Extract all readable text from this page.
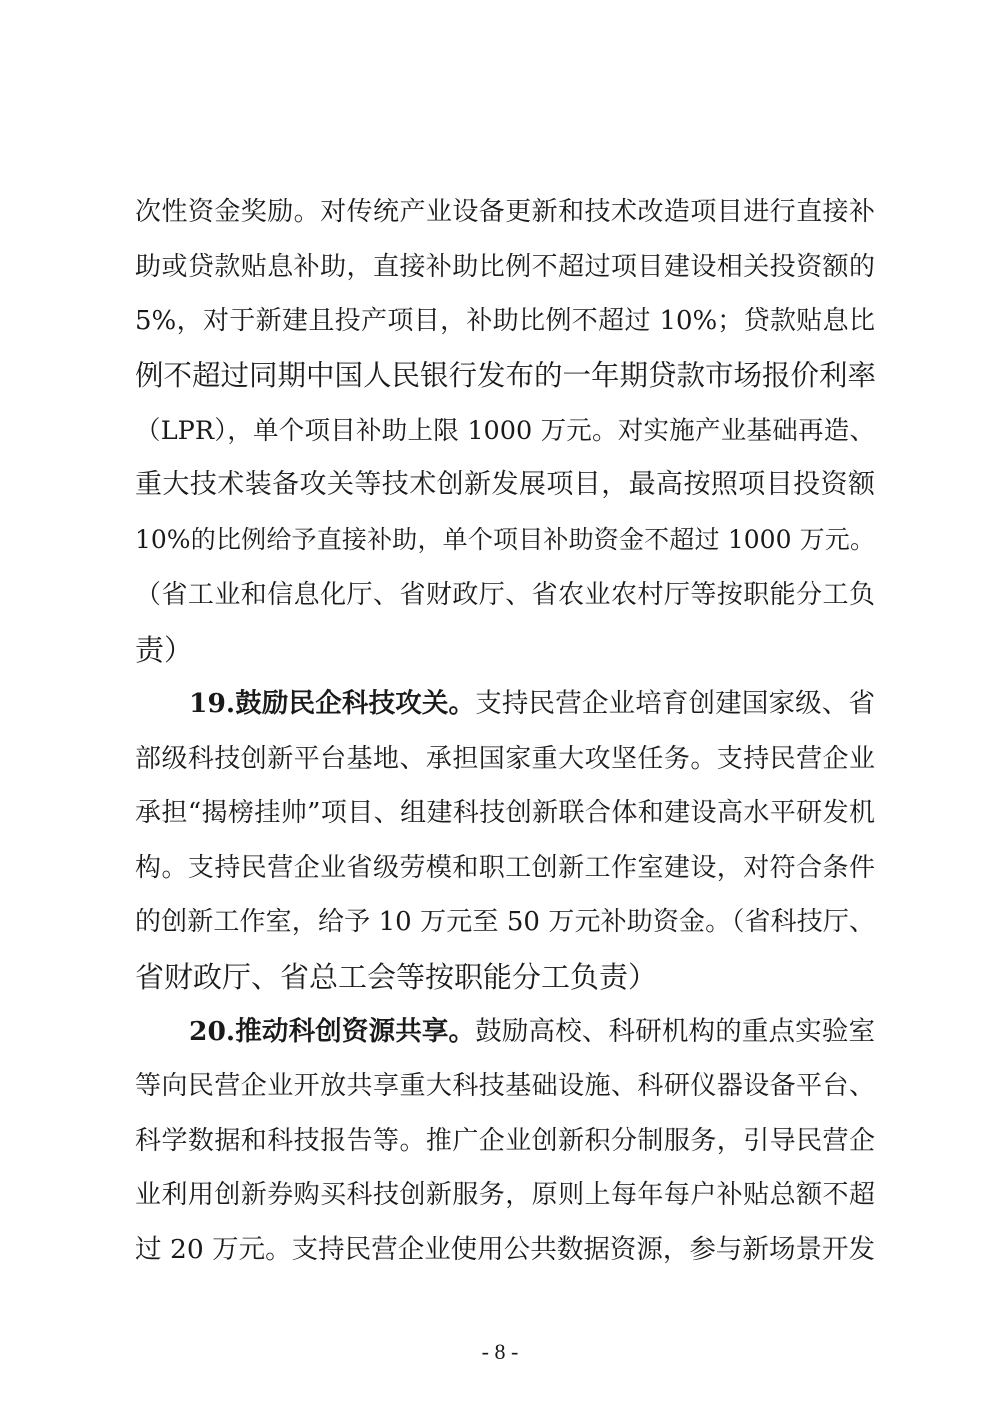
次性资金奖励。对传统产业设备更新和技术改造项目进行直接补
助或贷款贴息补助，直接补助比例不超过项目建设相关投资额的
5%，对于新建且投产项目，补助比例不超过 10%；贷款贴息比
例不超过同期中国人民银行发布的一年期贷款市场报价利率
（LPR），单个项目补助上限 1000 万元。对实施产业基础再造、
重大技术装备攻关等技术创新发展项目，最高按照项目投资额
10%的比例给予直接补助，单个项目补助资金不超过 1000 万元。
（省工业和信息化厅、省财政厅、省农业农村厅等按职能分工负
责）
19.鼓励民企科技攻关。支持民营企业培育创建国家级、省
部级科技创新平台基地、承担国家重大攻坚任务。支持民营企业
承担“揭榜挂帅”项目、组建科技创新联合体和建设高水平研发机
构。支持民营企业省级劳模和职工创新工作室建设，对符合条件
的创新工作室，给予 10 万元至 50 万元补助资金。（省科技厅、
省财政厅、省总工会等按职能分工负责）
20.推动科创资源共享。鼓励高校、科研机构的重点实验室
等向民营企业开放共享重大科技基础设施、科研仪器设备平台、
科学数据和科技报告等。推广企业创新积分制服务，引导民营企
业利用创新券购买科技创新服务，原则上每年每户补贴总额不超
过 20 万元。支持民营企业使用公共数据资源，参与新场景开发
- 8 -
